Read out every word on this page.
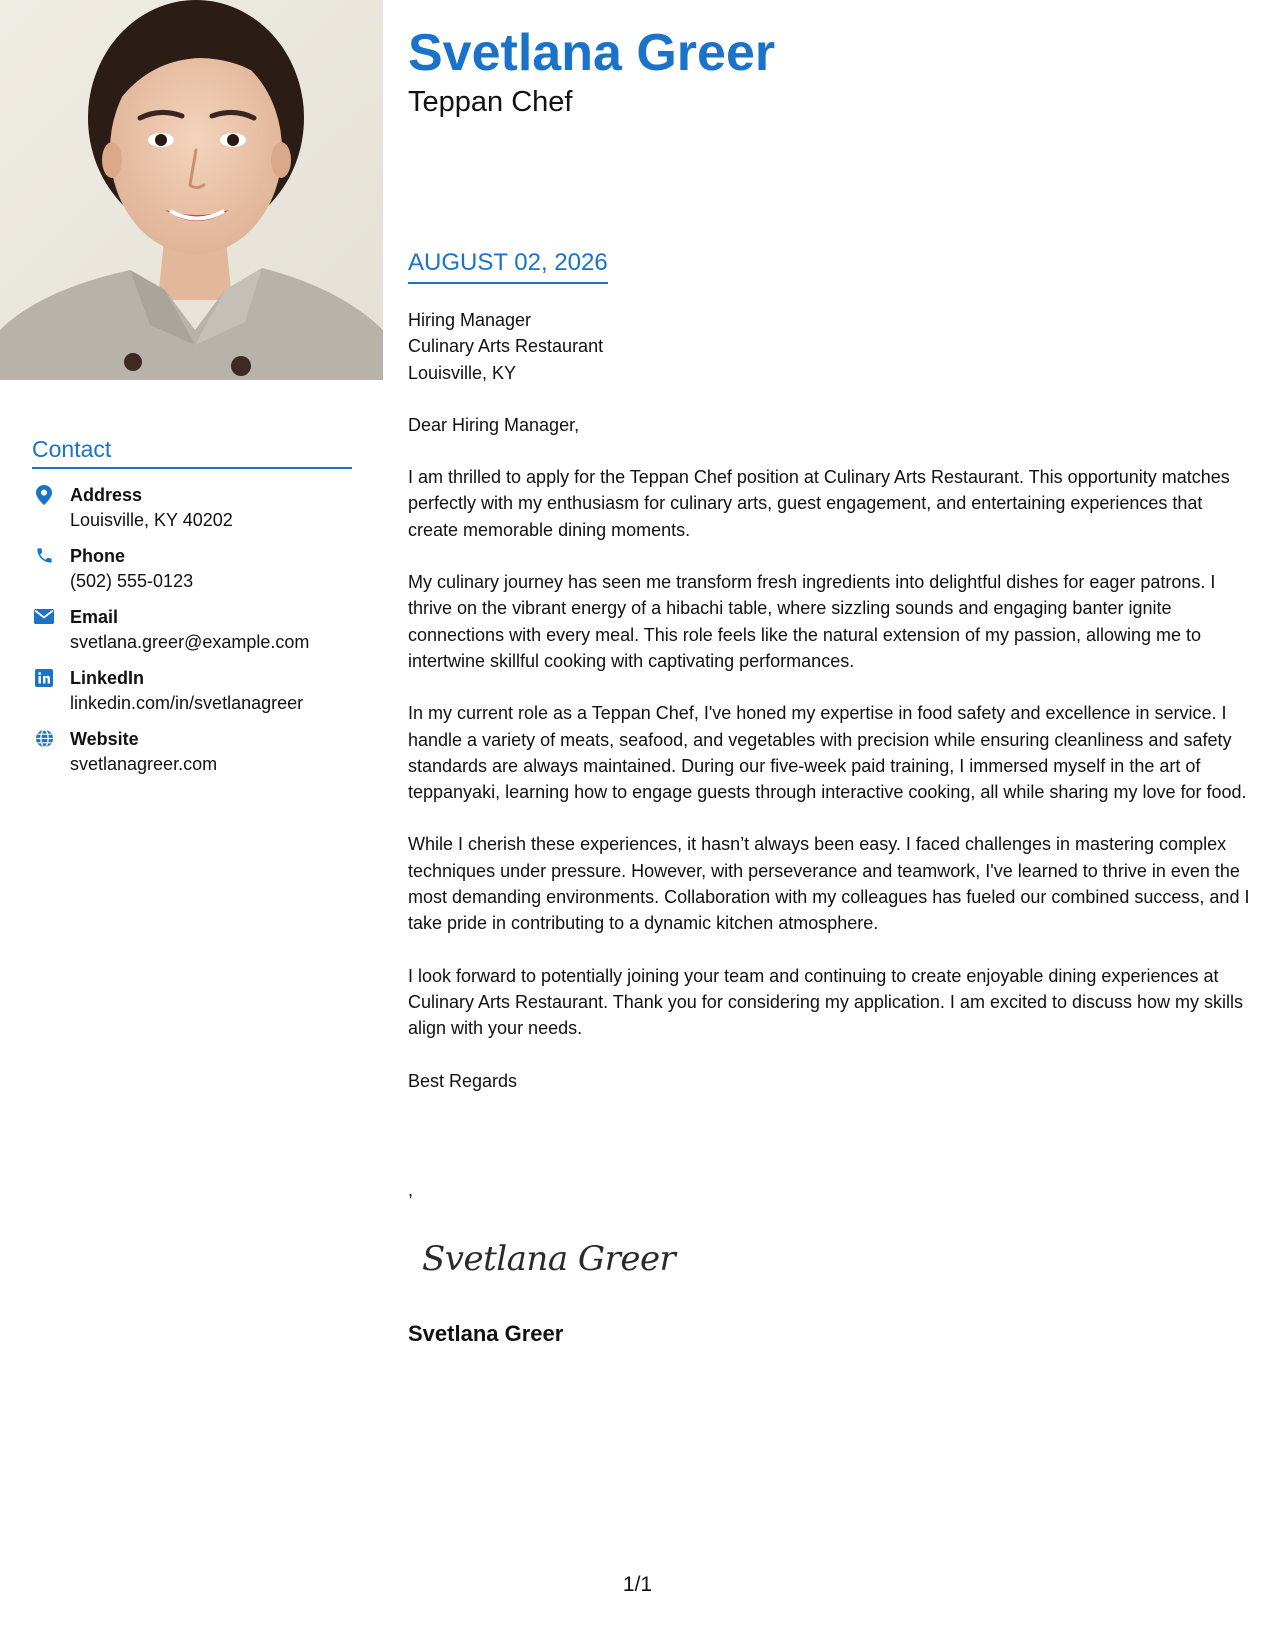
Contact
Address
Louisville, KY 40202
Phone
(502) 555-0123
Email
svetlana.greer@example.com
LinkedIn
linkedin.com/in/svetlanagreer
Website
svetlanagreer.com
Svetlana Greer
Teppan Chef
AUGUST 02, 2026
Hiring Manager
Culinary Arts Restaurant
Louisville, KY

Dear Hiring Manager,

I am thrilled to apply for the Teppan Chef position at Culinary Arts Restaurant. This opportunity matches perfectly with my enthusiasm for culinary arts, guest engagement, and entertaining experiences that create memorable dining moments.

My culinary journey has seen me transform fresh ingredients into delightful dishes for eager patrons. I thrive on the vibrant energy of a hibachi table, where sizzling sounds and engaging banter ignite connections with every meal. This role feels like the natural extension of my passion, allowing me to intertwine skillful cooking with captivating performances.

In my current role as a Teppan Chef, I've honed my expertise in food safety and excellence in service. I handle a variety of meats, seafood, and vegetables with precision while ensuring cleanliness and safety standards are always maintained. During our five-week paid training, I immersed myself in the art of teppanyaki, learning how to engage guests through interactive cooking, all while sharing my love for food.

While I cherish these experiences, it hasn’t always been easy. I faced challenges in mastering complex techniques under pressure. However, with perseverance and teamwork, I've learned to thrive in even the most demanding environments. Collaboration with my colleagues has fueled our combined success, and I take pride in contributing to a dynamic kitchen atmosphere.

I look forward to potentially joining your team and continuing to create enjoyable dining experiences at Culinary Arts Restaurant. Thank you for considering my application. I am excited to discuss how my skills align with your needs.

Best Regards

,
Svetlana Greer
Svetlana Greer
1/1
